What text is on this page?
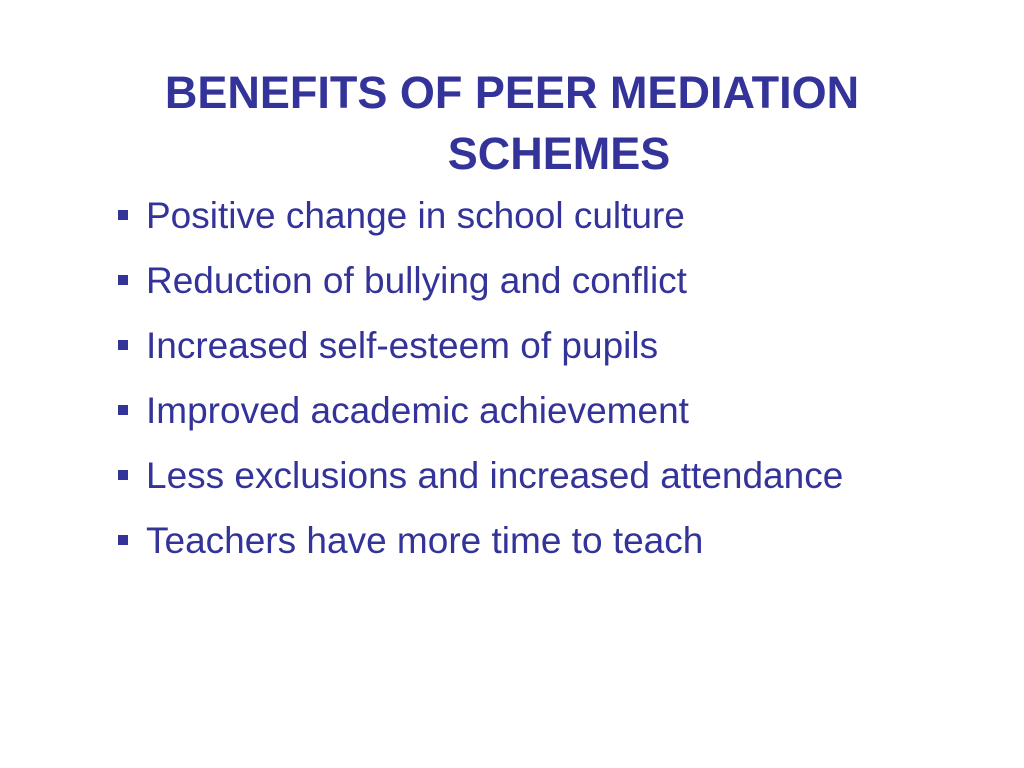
BENEFITS OF PEER MEDIATION
SCHEMES
Positive change in school culture
Reduction of bullying and conflict
Increased self-esteem of pupils
Improved academic achievement
Less exclusions and increased attendance
Teachers have more time to teach
